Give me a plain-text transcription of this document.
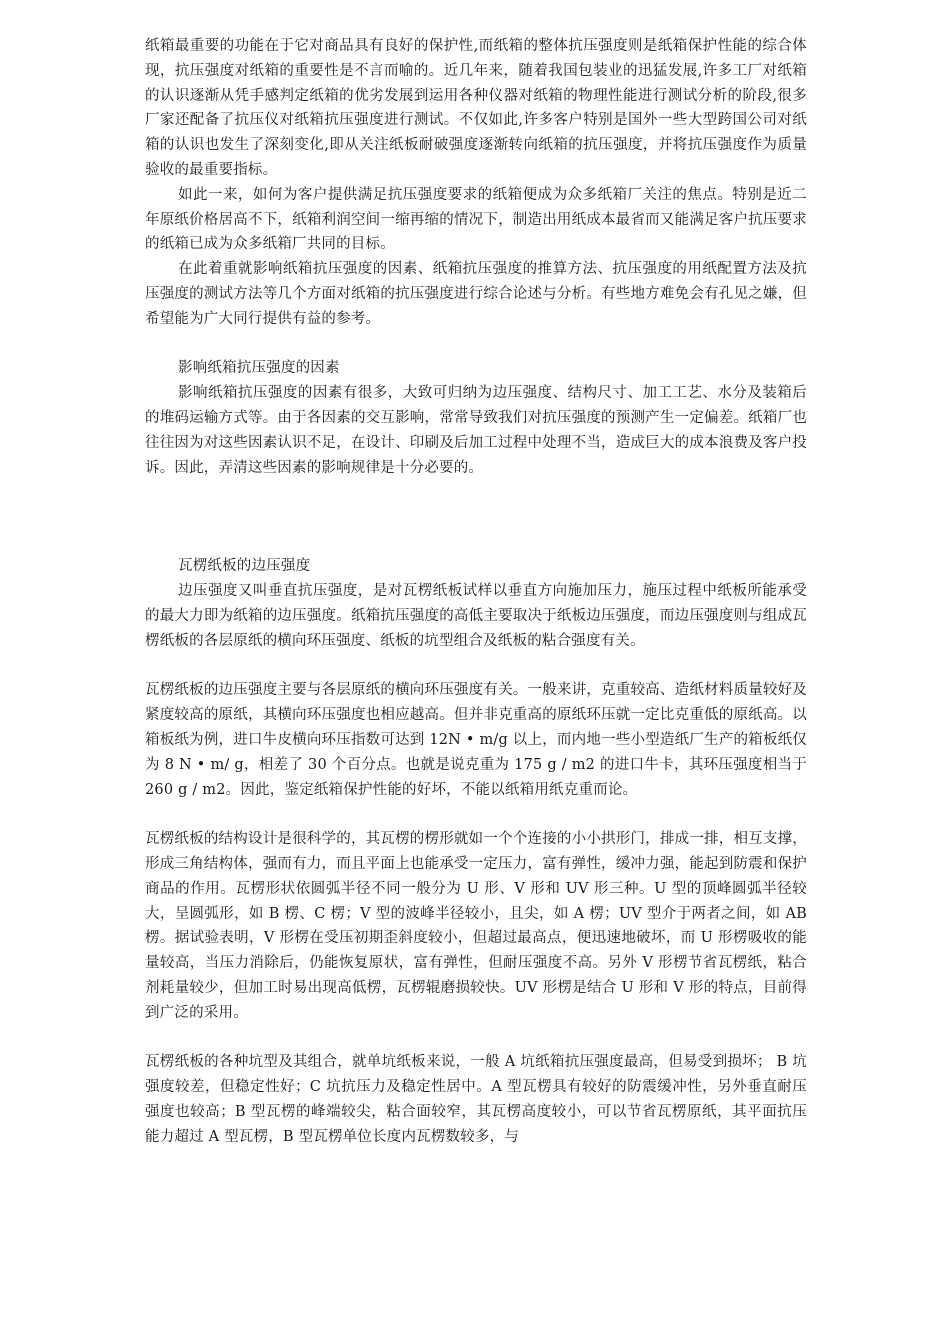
纸箱最重要的功能在于它对商品具有良好的保护性,而纸箱的整体抗压强度则是纸箱保护性能的综合体现，抗压强度对纸箱的重要性是不言而喻的。近几年来，随着我国包装业的迅猛发展,许多工厂对纸箱的认识逐渐从凭手感判定纸箱的优劣发展到运用各种仪器对纸箱的物理性能进行测试分析的阶段,很多厂家还配备了抗压仪对纸箱抗压强度进行测试。不仅如此,许多客户特别是国外一些大型跨国公司对纸箱的认识也发生了深刻变化,即从关注纸板耐破强度逐渐转向纸箱的抗压强度，并将抗压强度作为质量验收的最重要指标。

如此一来，如何为客户提供满足抗压强度要求的纸箱便成为众多纸箱厂关注的焦点。特别是近二年原纸价格居高不下，纸箱利润空间一缩再缩的情况下，制造出用纸成本最省而又能满足客户抗压要求的纸箱已成为众多纸箱厂共同的目标。

在此着重就影响纸箱抗压强度的因素、纸箱抗压强度的推算方法、抗压强度的用纸配置方法及抗压强度的测试方法等几个方面对纸箱的抗压强度进行综合论述与分析。有些地方难免会有孔见之嫌，但希望能为广大同行提供有益的参考。

影响纸箱抗压强度的因素

影响纸箱抗压强度的因素有很多，大致可归纳为边压强度、结构尺寸、加工工艺、水分及装箱后的堆码运输方式等。由于各因素的交互影响，常常导致我们对抗压强度的预测产生一定偏差。纸箱厂也往往因为对这些因素认识不足，在设计、印刷及后加工过程中处理不当，造成巨大的成本浪费及客户投诉。因此，弄清这些因素的影响规律是十分必要的。

瓦楞纸板的边压强度

边压强度又叫垂直抗压强度，是对瓦楞纸板试样以垂直方向施加压力，施压过程中纸板所能承受的最大力即为纸箱的边压强度。纸箱抗压强度的高低主要取决于纸板边压强度，而边压强度则与组成瓦楞纸板的各层原纸的横向环压强度、纸板的坑型组合及纸板的粘合强度有关。

瓦楞纸板的边压强度主要与各层原纸的横向环压强度有关。一般来讲，克重较高、造纸材料质量较好及紧度较高的原纸，其横向环压强度也相应越高。但并非克重高的原纸环压就一定比克重低的原纸高。以箱板纸为例，进口牛皮横向环压指数可达到 12N • m/g 以上，而内地一些小型造纸厂生产的箱板纸仅为 8 N • m/ g，相差了 30 个百分点。也就是说克重为 175 g / m2 的进口牛卡，其环压强度相当于 260 g / m2。因此，鉴定纸箱保护性能的好坏，不能以纸箱用纸克重而论。

瓦楞纸板的结构设计是很科学的，其瓦楞的楞形就如一个个连接的小小拱形门，排成一排，相互支撑，形成三角结构体，强而有力，而且平面上也能承受一定压力，富有弹性，缓冲力强，能起到防震和保护商品的作用。瓦楞形状依圆弧半径不同一般分为 U 形、V 形和 UV 形三种。U 型的顶峰圆弧半径较大，呈圆弧形，如 B 楞、C 楞；V 型的波峰半径较小，且尖，如 A 楞；UV 型介于两者之间，如 AB 楞。据试验表明，V 形楞在受压初期歪斜度较小，但超过最高点，便迅速地破坏，而 U 形楞吸收的能量较高，当压力消除后，仍能恢复原状，富有弹性，但耐压强度不高。另外 V 形楞节省瓦楞纸，粘合剂耗量较少，但加工时易出现高低楞，瓦楞辊磨损较快。UV 形楞是结合 U 形和 V 形的特点，目前得到广泛的采用。

瓦楞纸板的各种坑型及其组合，就单坑纸板来说，一般 A 坑纸箱抗压强度最高，但易受到损坏； B 坑强度较差，但稳定性好；C 坑抗压力及稳定性居中。A 型瓦楞具有较好的防震缓冲性，另外垂直耐压强度也较高；B 型瓦楞的峰端较尖，粘合面较窄，其瓦楞高度较小，可以节省瓦楞原纸，其平面抗压能力超过 A 型瓦楞，B 型瓦楞单位长度内瓦楞数较多，与
